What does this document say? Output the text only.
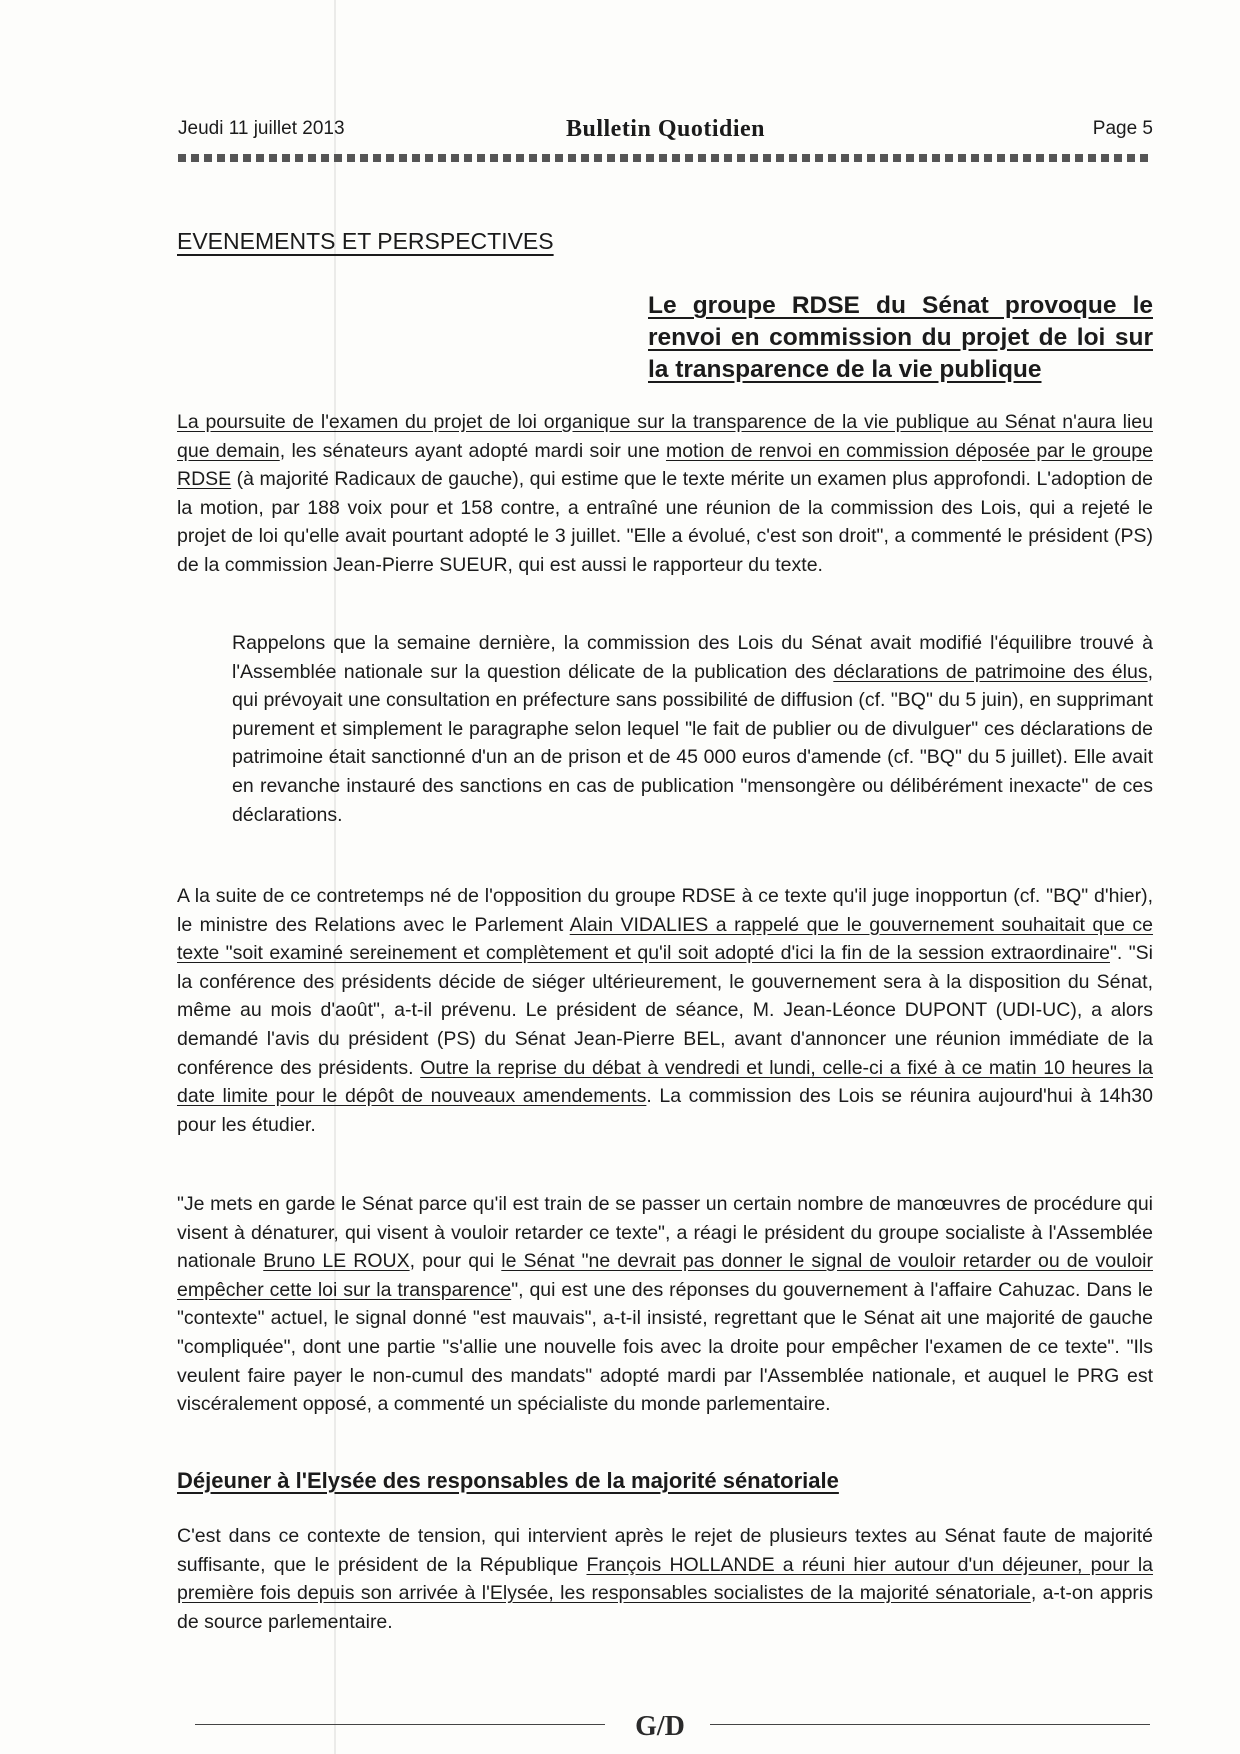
Jeudi 11 juillet 2013	Bulletin Quotidien	Page 5
EVENEMENTS ET PERSPECTIVES
Le groupe RDSE du Sénat provoque le renvoi en commission du projet de loi sur la transparence de la vie publique

La poursuite de l'examen du projet de loi organique sur la transparence de la vie publique au Sénat n'aura lieu que demain, les sénateurs ayant adopté mardi soir une motion de renvoi en commission déposée par le groupe RDSE (à majorité Radicaux de gauche), qui estime que le texte mérite un examen plus approfondi. L'adoption de la motion, par 188 voix pour et 158 contre, a entraîné une réunion de la commission des Lois, qui a rejeté le projet de loi qu'elle avait pourtant adopté le 3 juillet. "Elle a évolué, c'est son droit", a commenté le président (PS) de la commission Jean-Pierre SUEUR, qui est aussi le rapporteur du texte.

Rappelons que la semaine dernière, la commission des Lois du Sénat avait modifié l'équilibre trouvé à l'Assemblée nationale sur la question délicate de la publication des déclarations de patrimoine des élus, qui prévoyait une consultation en préfecture sans possibilité de diffusion (cf. "BQ" du 5 juin), en supprimant purement et simplement le paragraphe selon lequel "le fait de publier ou de divulguer" ces déclarations de patrimoine était sanctionné d'un an de prison et de 45 000 euros d'amende (cf. "BQ" du 5 juillet). Elle avait en revanche instauré des sanctions en cas de publication "mensongère ou délibérément inexacte" de ces déclarations.

A la suite de ce contretemps né de l'opposition du groupe RDSE à ce texte qu'il juge inopportun (cf. "BQ" d'hier), le ministre des Relations avec le Parlement Alain VIDALIES a rappelé que le gouvernement souhaitait que ce texte "soit examiné sereinement et complètement et qu'il soit adopté d'ici la fin de la session extraordinaire". "Si la conférence des présidents décide de siéger ultérieurement, le gouvernement sera à la disposition du Sénat, même au mois d'août", a-t-il prévenu. Le président de séance, M. Jean-Léonce DUPONT (UDI-UC), a alors demandé l'avis du président (PS) du Sénat Jean-Pierre BEL, avant d'annoncer une réunion immédiate de la conférence des présidents. Outre la reprise du débat à vendredi et lundi, celle-ci a fixé à ce matin 10 heures la date limite pour le dépôt de nouveaux amendements. La commission des Lois se réunira aujourd'hui à 14h30 pour les étudier.

"Je mets en garde le Sénat parce qu'il est train de se passer un certain nombre de manœuvres de procédure qui visent à dénaturer, qui visent à vouloir retarder ce texte", a réagi le président du groupe socialiste à l'Assemblée nationale Bruno LE ROUX, pour qui le Sénat "ne devrait pas donner le signal de vouloir retarder ou de vouloir empêcher cette loi sur la transparence", qui est une des réponses du gouvernement à l'affaire Cahuzac. Dans le "contexte" actuel, le signal donné "est mauvais", a-t-il insisté, regrettant que le Sénat ait une majorité de gauche "compliquée", dont une partie "s'allie une nouvelle fois avec la droite pour empêcher l'examen de ce texte". "Ils veulent faire payer le non-cumul des mandats" adopté mardi par l'Assemblée nationale, et auquel le PRG est viscéralement opposé, a commenté un spécialiste du monde parlementaire.

Déjeuner à l'Elysée des responsables de la majorité sénatoriale

C'est dans ce contexte de tension, qui intervient après le rejet de plusieurs textes au Sénat faute de majorité suffisante, que le président de la République François HOLLANDE a réuni hier autour d'un déjeuner, pour la première fois depuis son arrivée à l'Elysée, les responsables socialistes de la majorité sénatoriale, a-t-on appris de source parlementaire.

G/D
